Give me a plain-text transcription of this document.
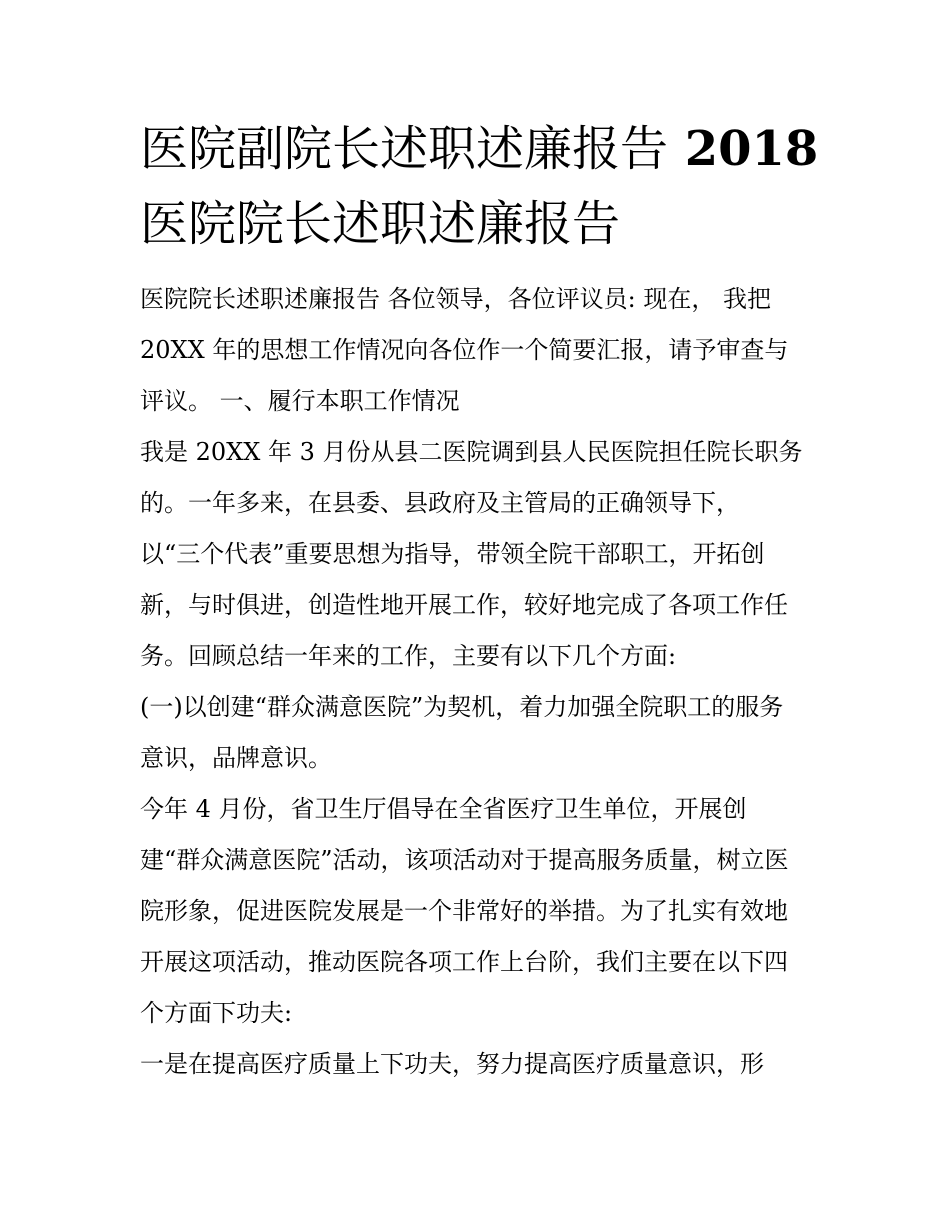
医院副院长述职述廉报告 2018
医院院长述职述廉报告

医院院长述职述廉报告 各位领导，各位评议员: 现在， 我把

20XX 年的思想工作情况向各位作一个简要汇报，请予审查与

评议。 一、履行本职工作情况

我是 20XX 年 3 月份从县二医院调到县人民医院担任院长职务

的。一年多来，在县委、县政府及主管局的正确领导下，

以“三个代表”重要思想为指导，带领全院干部职工，开拓创

新，与时俱进，创造性地开展工作，较好地完成了各项工作任

务。回顾总结一年来的工作，主要有以下几个方面:

(一)以创建“群众满意医院”为契机，着力加强全院职工的服务

意识，品牌意识。

今年 4 月份，省卫生厅倡导在全省医疗卫生单位，开展创

建“群众满意医院”活动，该项活动对于提高服务质量，树立医

院形象，促进医院发展是一个非常好的举措。为了扎实有效地

开展这项活动，推动医院各项工作上台阶，我们主要在以下四

个方面下功夫:

一是在提高医疗质量上下功夫，努力提高医疗质量意识，形
